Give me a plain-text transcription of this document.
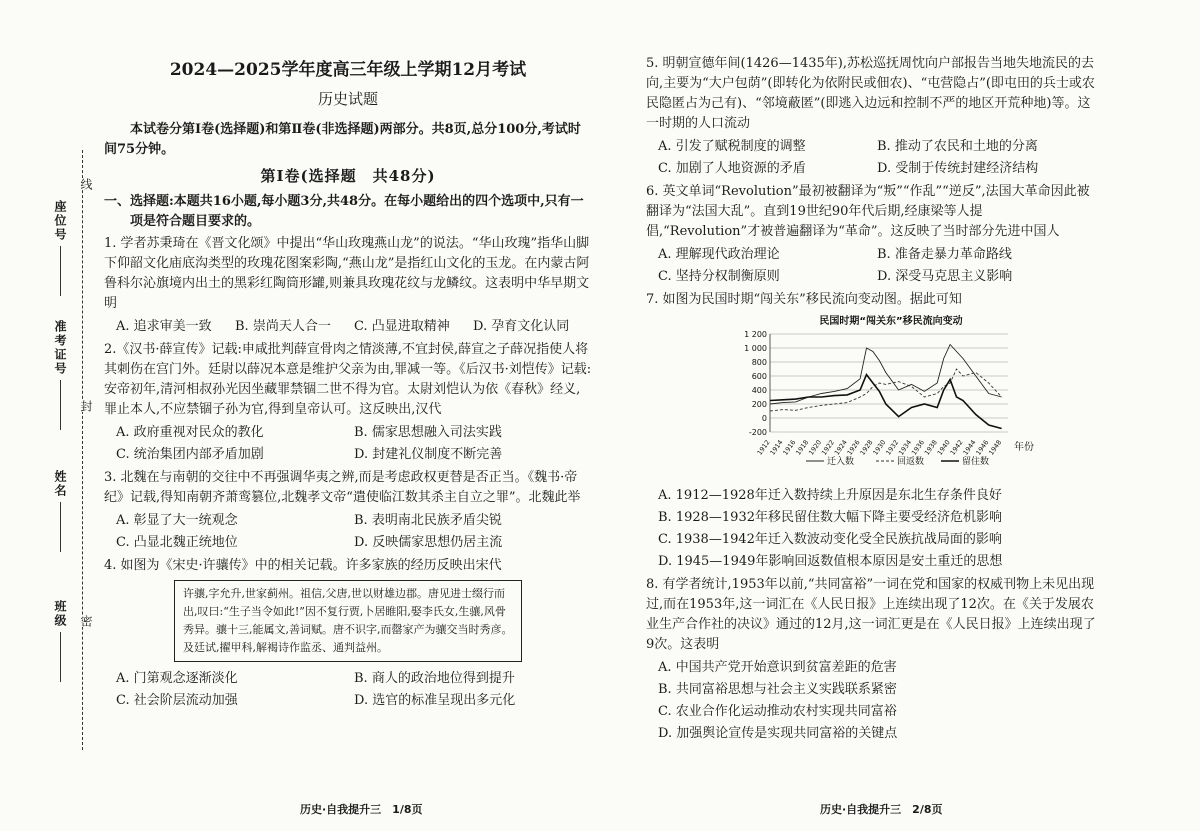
班级
姓名
准考证号
座位号
线
封
密
2024—2025学年度高三年级上学期12月考试
历史试题

本试卷分第Ⅰ卷(选择题)和第Ⅱ卷(非选择题)两部分。共8页,总分100分,考试时间75分钟。

第Ⅰ卷(选择题　共48分)

一、选择题:本题共16小题,每小题3分,共48分。在每小题给出的四个选项中,只有一项是符合题目要求的。

1. 学者苏秉琦在《晋文化颂》中提出“华山玫瑰燕山龙”的说法。“华山玫瑰”指华山脚下仰韶文化庙底沟类型的玫瑰花图案彩陶,“燕山龙”是指红山文化的玉龙。在内蒙古阿鲁科尔沁旗境内出土的黑彩红陶筒形罐,则兼具玫瑰花纹与龙鳞纹。这表明中华早期文明

A. 追求审美一致	B. 崇尚天人合一	C. 凸显进取精神	D. 孕育文化认同

2.《汉书·薛宣传》记载:申咸批判薛宣骨肉之情淡薄,不宜封侯,薛宣之子薛况指使人将其刺伤在宫门外。廷尉以薛况本意是维护父亲为由,罪减一等。《后汉书·刘恺传》记载:安帝初年,清河相叔孙光因坐藏罪禁锢二世不得为官。太尉刘恺认为依《春秋》经义,罪止本人,不应禁锢子孙为官,得到皇帝认可。这反映出,汉代

A. 政府重视对民众的教化	B. 儒家思想融入司法实践
C. 统治集团内部矛盾加剧	D. 封建礼仪制度不断完善

3. 北魏在与南朝的交往中不再强调华夷之辨,而是考虑政权更替是否正当。《魏书·帝纪》记载,得知南朝齐萧鸾篡位,北魏孝文帝“遣使临江数其杀主自立之罪”。北魏此举

A. 彰显了大一统观念	B. 表明南北民族矛盾尖锐
C. 凸显北魏正统地位	D. 反映儒家思想仍居主流

4. 如图为《宋史·许骧传》中的相关记载。许多家族的经历反映出宋代

许骧,字允升,世家蓟州。祖信,父唐,世以财雄边郡。唐见进士缀行而出,叹曰:“生子当令如此!”因不复行贾,卜居睢阳,娶李氏女,生骧,风骨秀异。骧十三,能属文,善词赋。唐不识字,而罄家产为骧交当时秀彦。及廷试,擢甲科,解褐诗作监丞、通判益州。
A. 门第观念逐渐淡化	B. 商人的政治地位得到提升
C. 社会阶层流动加强	D. 选官的标准呈现出多元化
历史·自我提升三　1/8页

5. 明朝宣德年间(1426—1435年),苏松巡抚周忱向户部报告当地失地流民的去向,主要为“大户包荫”(即转化为依附民或佃农)、“屯营隐占”(即屯田的兵士或农民隐匿占为己有)、“邻境蔽匿”(即逃入边远和控制不严的地区开荒种地)等。这一时期的人口流动

A. 引发了赋税制度的调整	B. 推动了农民和土地的分离
C. 加剧了人地资源的矛盾	D. 受制于传统封建经济结构

6. 英文单词“Revolution”最初被翻译为“叛”“作乱”“逆反”,法国大革命因此被翻译为“法国大乱”。直到19世纪90年代后期,经康梁等人提倡,“Revolution”才被普遍翻译为“革命”。这反映了当时部分先进中国人

A. 理解现代政治理论	B. 准备走暴力革命路线
C. 坚持分权制衡原则	D. 深受马克思主义影响

7. 如图为民国时期“闯关东”移民流向变动图。据此可知

民国时期“闯关东”移民流向变动
-200
0
200
400
600
800
1 000
1 200
1912
1914
1916
1918
1920
1922
1924
1926
1928
1930
1932
1934
1936
1938
1940
1942
1944
1946
1948 年份
迁入数	回返数	留住数
A. 1912—1928年迁入数持续上升原因是东北生存条件良好
B. 1928—1932年移民留住数大幅下降主要受经济危机影响
C. 1938—1942年迁入数波动变化受全民族抗战局面的影响
D. 1945—1949年影响回返数值根本原因是安土重迁的思想

8. 有学者统计,1953年以前,“共同富裕”一词在党和国家的权威刊物上未见出现过,而在1953年,这一词汇在《人民日报》上连续出现了12次。在《关于发展农业生产合作社的决议》通过的12月,这一词汇更是在《人民日报》上连续出现了9次。这表明

A. 中国共产党开始意识到贫富差距的危害
B. 共同富裕思想与社会主义实践联系紧密
C. 农业合作化运动推动农村实现共同富裕
D. 加强舆论宣传是实现共同富裕的关键点
历史·自我提升三　2/8页
